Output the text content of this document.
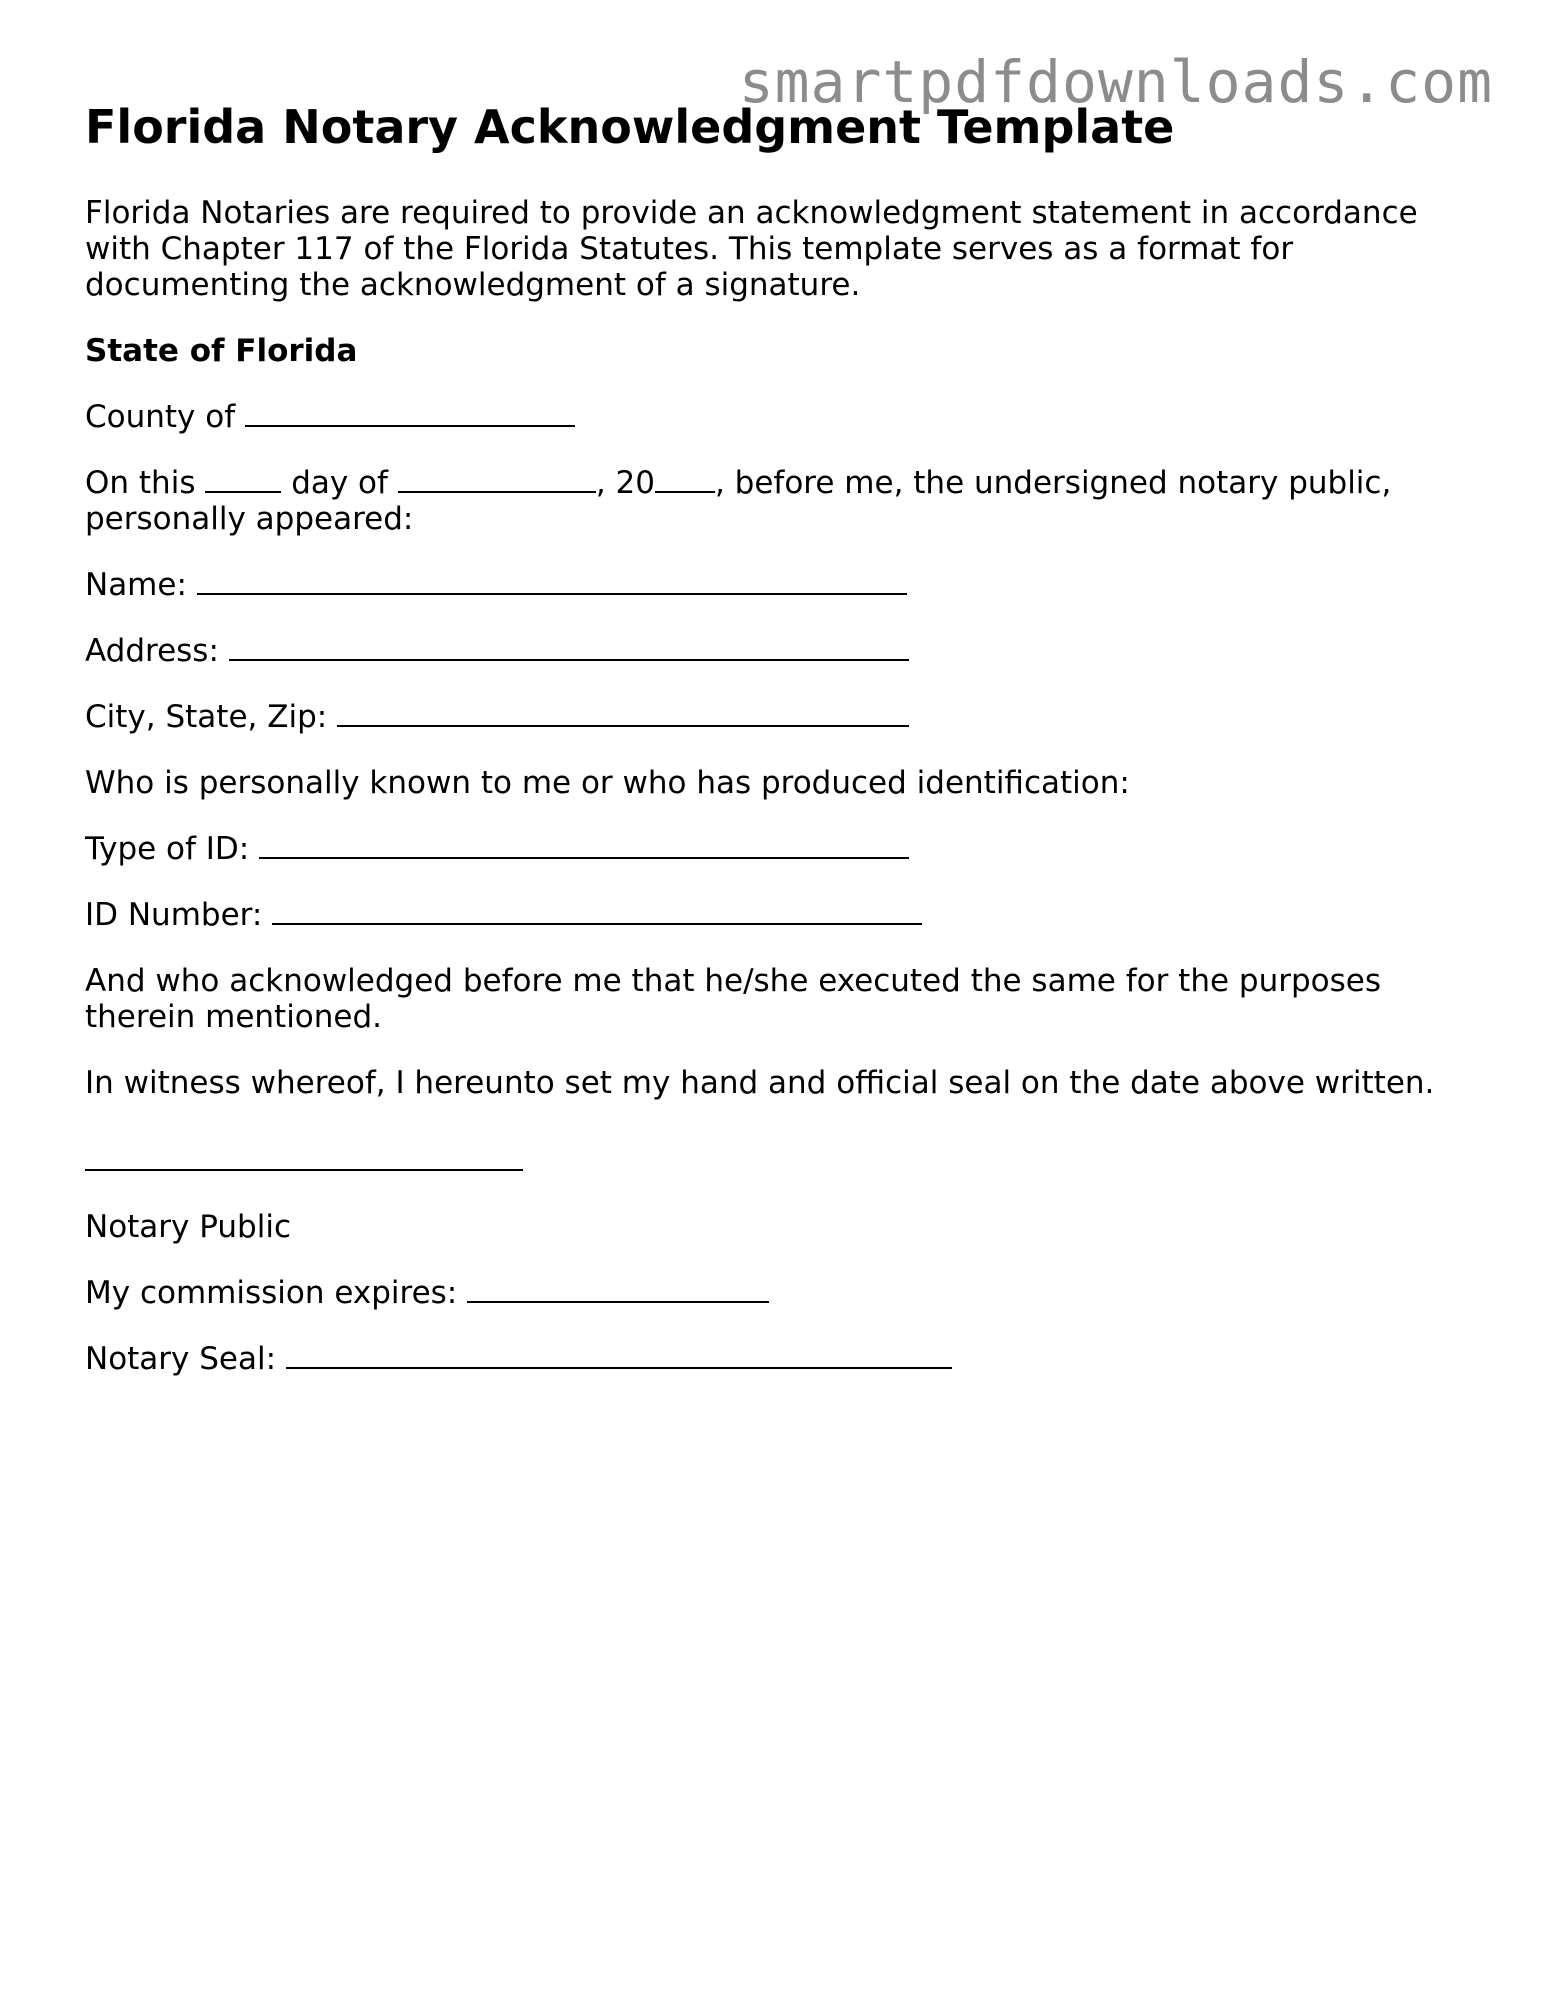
smartpdfdownloads.com
Florida Notary Acknowledgment Template

Florida Notaries are required to provide an acknowledgment statement in accordance with Chapter 117 of the Florida Statutes. This template serves as a format for documenting the acknowledgment of a signature.

State of Florida

County of

On this	day of	, 20 , before me, the undersigned notary public,
personally appeared:

Name:

Address:

City, State, Zip:

Who is personally known to me or who has produced identification:

Type of ID:

ID Number:

And who acknowledged before me that he/she executed the same for the purposes therein mentioned.

In witness whereof, I hereunto set my hand and official seal on the date above written.

Notary Public

My commission expires:

Notary Seal:
